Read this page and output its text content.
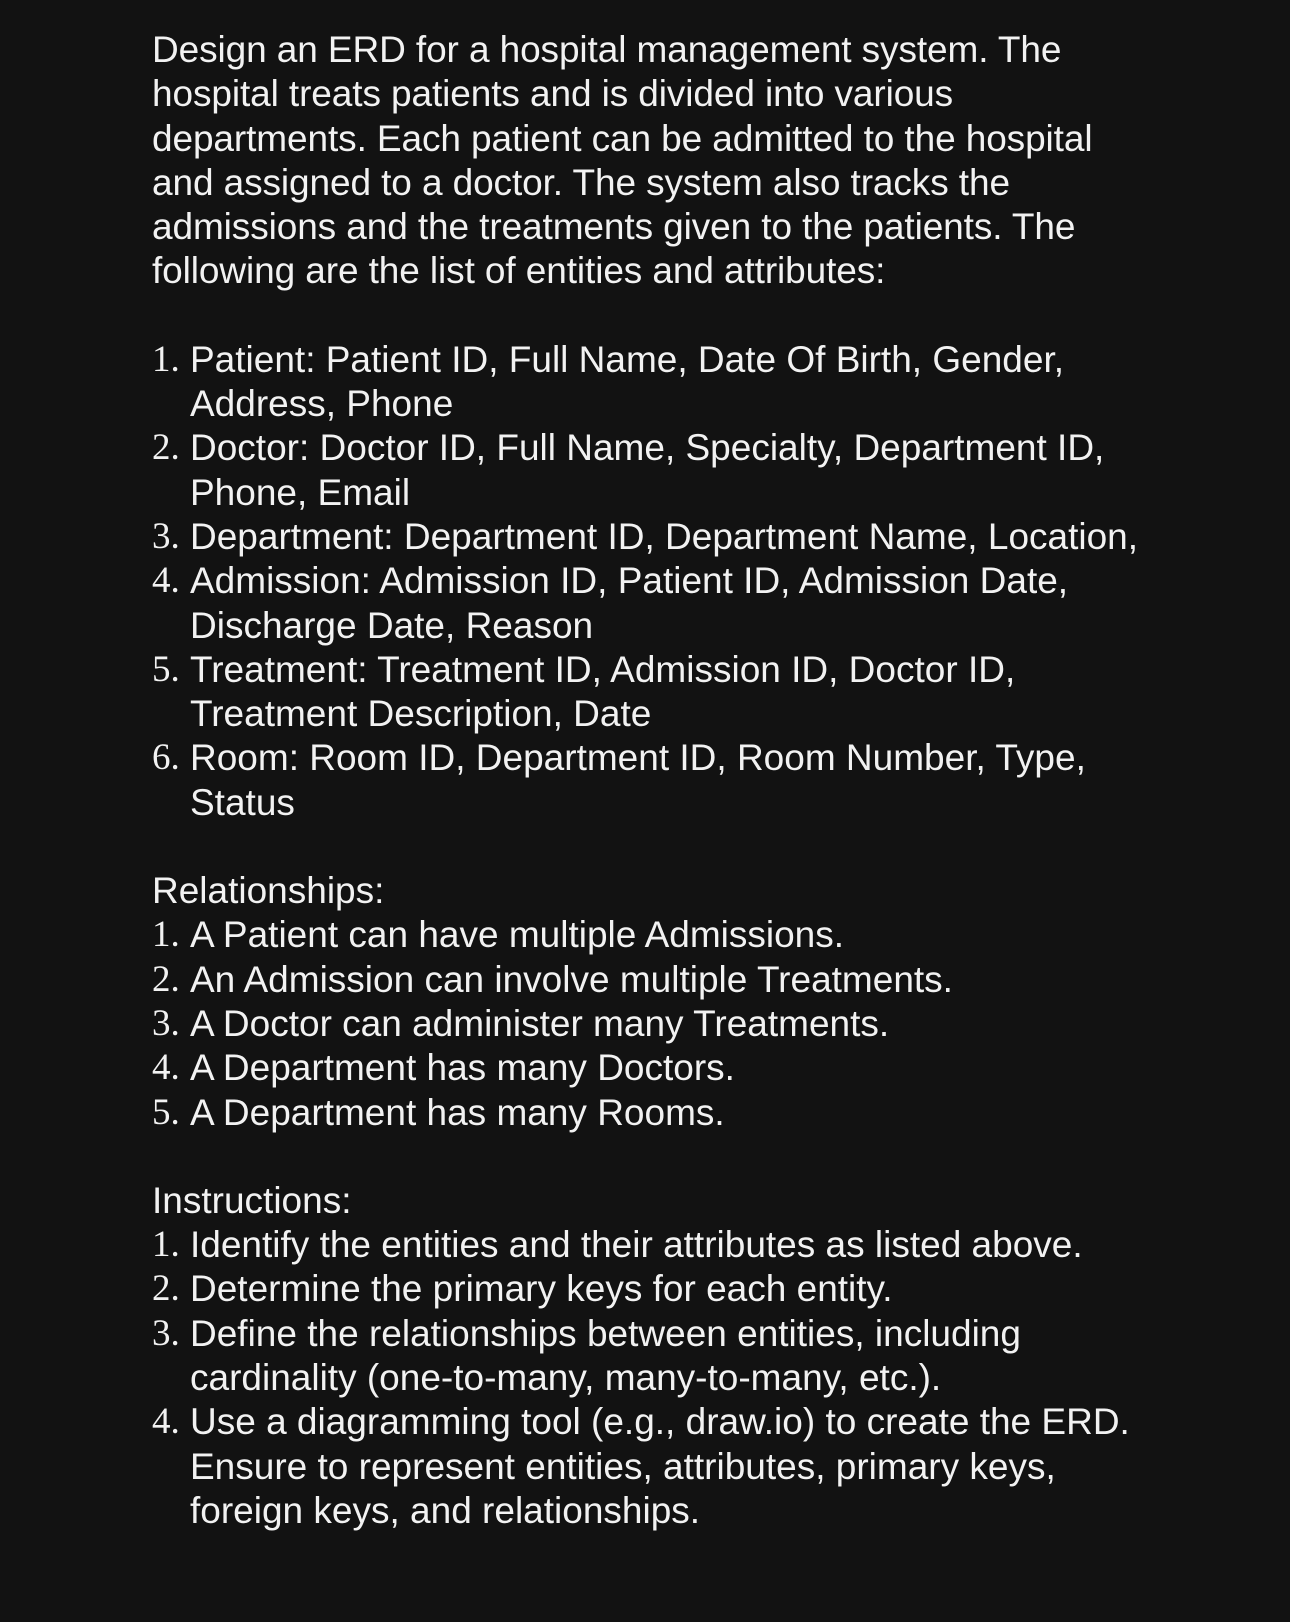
Design an ERD for a hospital management system. The hospital treats patients and is divided into various departments. Each patient can be admitted to the hospital and assigned to a doctor. The system also tracks the admissions and the treatments given to the patients. The following are the list of entities and attributes:

1. Patient: Patient ID, Full Name, Date Of Birth, Gender, Address, Phone
2. Doctor: Doctor ID, Full Name, Specialty, Department ID, Phone, Email
3. Department: Department ID, Department Name, Location,
4. Admission: Admission ID, Patient ID, Admission Date, Discharge Date, Reason
5. Treatment: Treatment ID, Admission ID, Doctor ID, Treatment Description, Date
6. Room: Room ID, Department ID, Room Number, Type, Status

Relationships:

1. A Patient can have multiple Admissions.
2. An Admission can involve multiple Treatments.
3. A Doctor can administer many Treatments.
4. A Department has many Doctors.
5. A Department has many Rooms.

Instructions:

1. Identify the entities and their attributes as listed above.
2. Determine the primary keys for each entity.
3. Define the relationships between entities, including cardinality (one-to-many, many-to-many, etc.).
4. Use a diagramming tool (e.g., draw.io) to create the ERD. Ensure to represent entities, attributes, primary keys, foreign keys, and relationships.
